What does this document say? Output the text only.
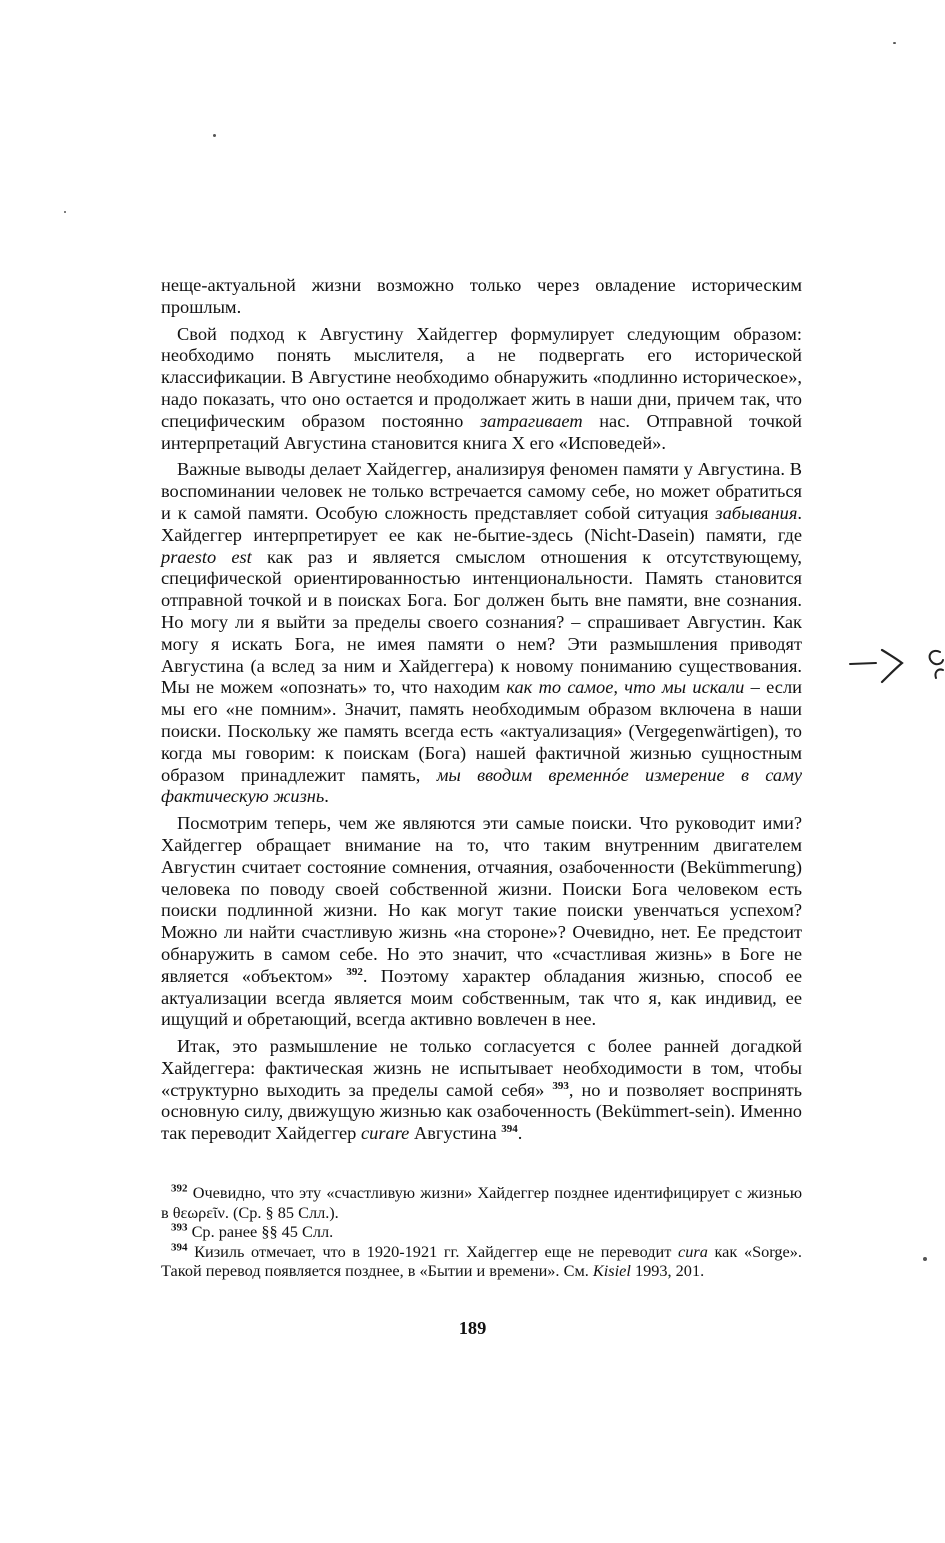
неще-актуальной жизни возможно только через овладение историческим прошлым.

Свой подход к Августину Хайдеггер формулирует следующим образом: необходимо понять мыслителя, а не подвергать его исторической классификации. В Августине необходимо обнаружить «подлинно историческое», надо показать, что оно остается и продолжает жить в наши дни, причем так, что специфическим образом постоянно затрагивает нас. Отправной точкой интерпретаций Августина становится книга X его «Исповедей».

Важные выводы делает Хайдеггер, анализируя феномен памяти у Августина. В воспоминании человек не только встречается самому себе, но может обратиться и к самой памяти. Особую сложность представляет собой ситуация забывания. Хайдеггер интерпретирует ее как не-бытие-здесь (Nicht-Dasein) памяти, где praesto est как раз и является смыслом отношения к отсутствующему, специфической ориентированностью интенциональности. Память становится отправной точкой и в поисках Бога. Бог должен быть вне памяти, вне сознания. Но могу ли я выйти за пределы своего сознания? – спрашивает Августин. Как могу я искать Бога, не имея памяти о нем? Эти размышления приводят Августина (а вслед за ним и Хайдеггера) к новому пониманию существования. Мы не можем «опознать» то, что находим как то самое, что мы искали – если мы его «не помним». Значит, память необходимым образом включена в наши поиски. Поскольку же память всегда есть «актуализация» (Vergegenwärtigen), то когда мы говорим: к поискам (Бога) нашей фактичной жизнью сущностным образом принадлежит память, мы вводим временнóе измерение в саму фактическую жизнь.

Посмотрим теперь, чем же являются эти самые поиски. Что руководит ими? Хайдеггер обращает внимание на то, что таким внутренним двигателем Августин считает состояние сомнения, отчаяния, озабоченности (Bekümmerung) человека по поводу своей собственной жизни. Поиски Бога человеком есть поиски подлинной жизни. Но как могут такие поиски увенчаться успехом? Можно ли найти счастливую жизнь «на стороне»? Очевидно, нет. Ее предстоит обнаружить в самом себе. Но это значит, что «счастливая жизнь» в Боге не является «объектом» $^{392}$. Поэтому характер обладания жизнью, способ ее актуализации всегда является моим собственным, так что я, как индивид, ее ищущий и обретающий, всегда активно вовлечен в нее.

Итак, это размышление не только согласуется с более ранней догадкой Хайдеггера: фактическая жизнь не испытывает необходимости в том, чтобы «структурно выходить за пределы самой себя» $^{393}$, но и позволяет воспринять основную силу, движущую жизнью как озабоченность (Bekümmert-sein). Именно так переводит Хайдеггер curare Августина $^{394}$.

$^{392}$ Очевидно, что эту «счастливую жизни» Хайдеггер позднее идентифицирует с жизнью в θεωρεῖν. (Ср. § 85 Слл.).

$^{393}$ Ср. ранее §§ 45 Слл.

$^{394}$ Кизиль отмечает, что в 1920-1921 гг. Хайдеггер еще не переводит cura как «Sorge». Такой перевод появляется позднее, в «Бытии и времени». См. Kisiel 1993, 201.

189
